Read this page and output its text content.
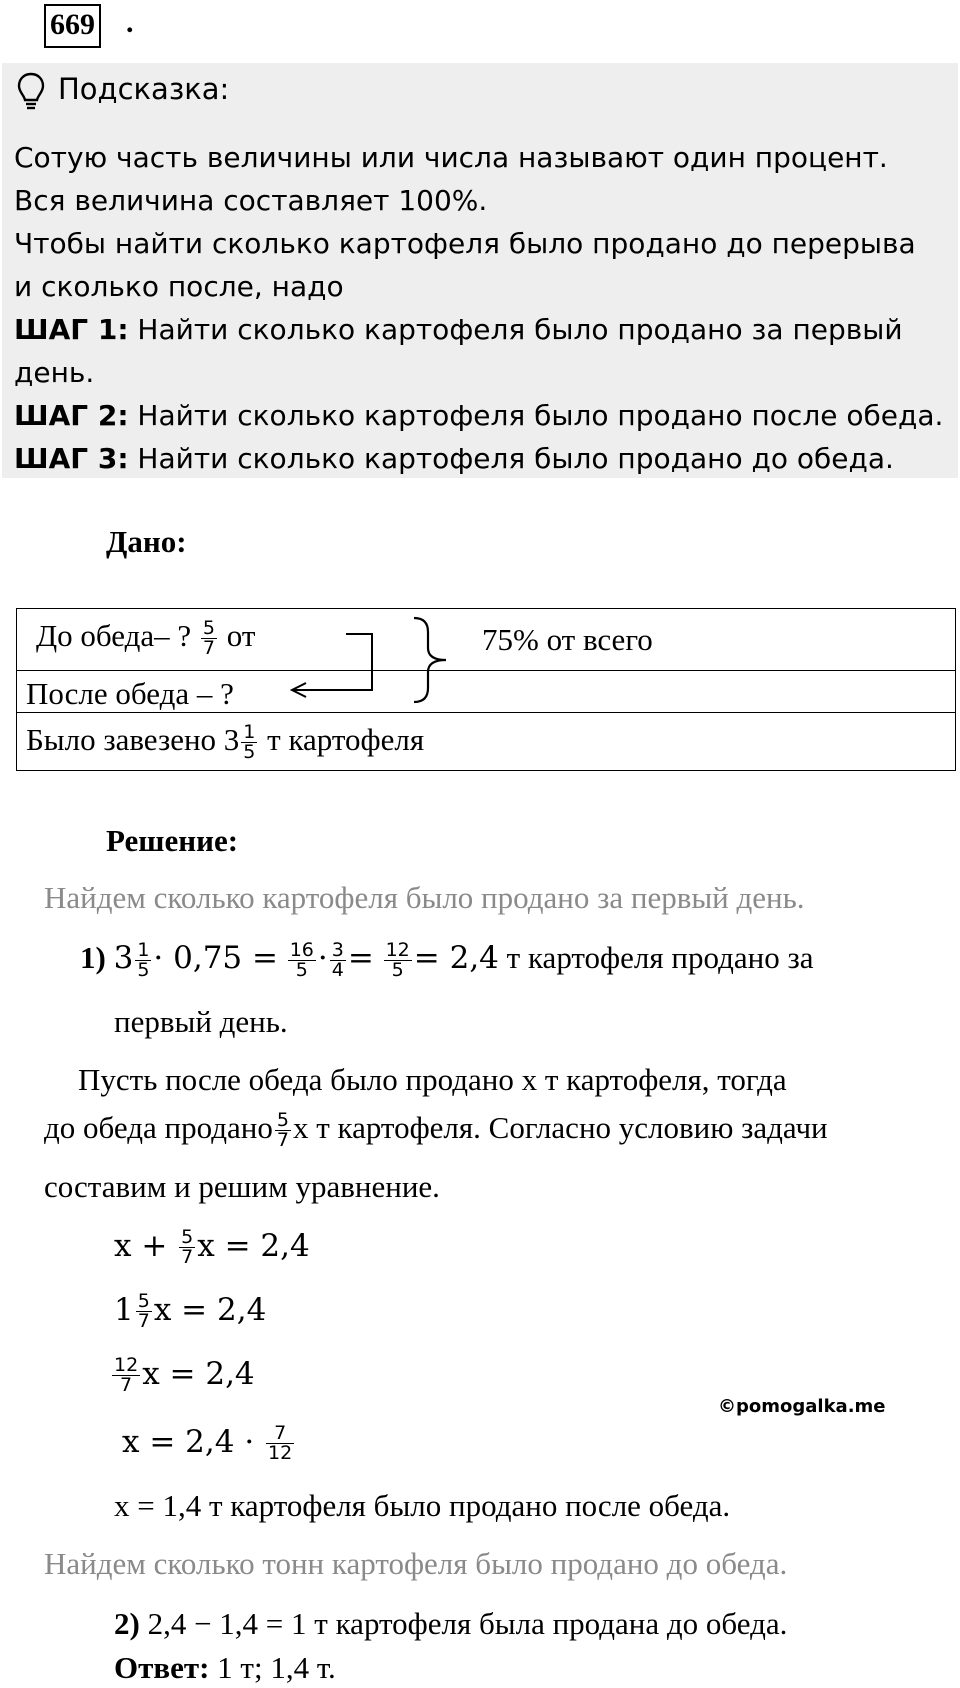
669 .
Подсказка:
Сотую часть величины или числа называют один процент.
Вся величина составляет 100%.
Чтобы найти сколько картофеля было продано до перерыва
и сколько после, надо
ШАГ 1: Найти сколько картофеля было продано за первый
день.
ШАГ 2: Найти сколько картофеля было продано после обеда.
ШАГ 3: Найти сколько картофеля было продано до обеда.
Дано:
До обеда– ? $\frac{5}{7}$ от	75% от всего
После обеда – ?
Было завезено $3 \frac{1}{5}$ т картофеля
Решение:
Найдем сколько картофеля было продано за первый день.
1) $3 \frac{1}{5} \cdot 0,75 = \frac{16}{5} \cdot \frac{3}{4} = \frac{12}{5} = 2,4$ т картофеля продано за
первый день.
Пусть после обеда было продано x т картофеля, тогда
до обеда продано $\frac{5}{7}$ x т картофеля. Согласно условию задачи
составим и решим уравнение.
$x + \frac{5}{7}$ x = 2,4
$1 \frac{5}{7}$ x = 2,4
$\frac{12}{7}$ x = 2,4
$x = 2,4 \cdot \frac{7}{12}$
x = 1,4 т картофеля было продано после обеда.
Найдем сколько тонн картофеля было продано до обеда.
2) 2,4 − 1,4 = 1 т картофеля была продана до обеда.
Ответ: 1 т; 1,4 т.
©pomogalka.me
